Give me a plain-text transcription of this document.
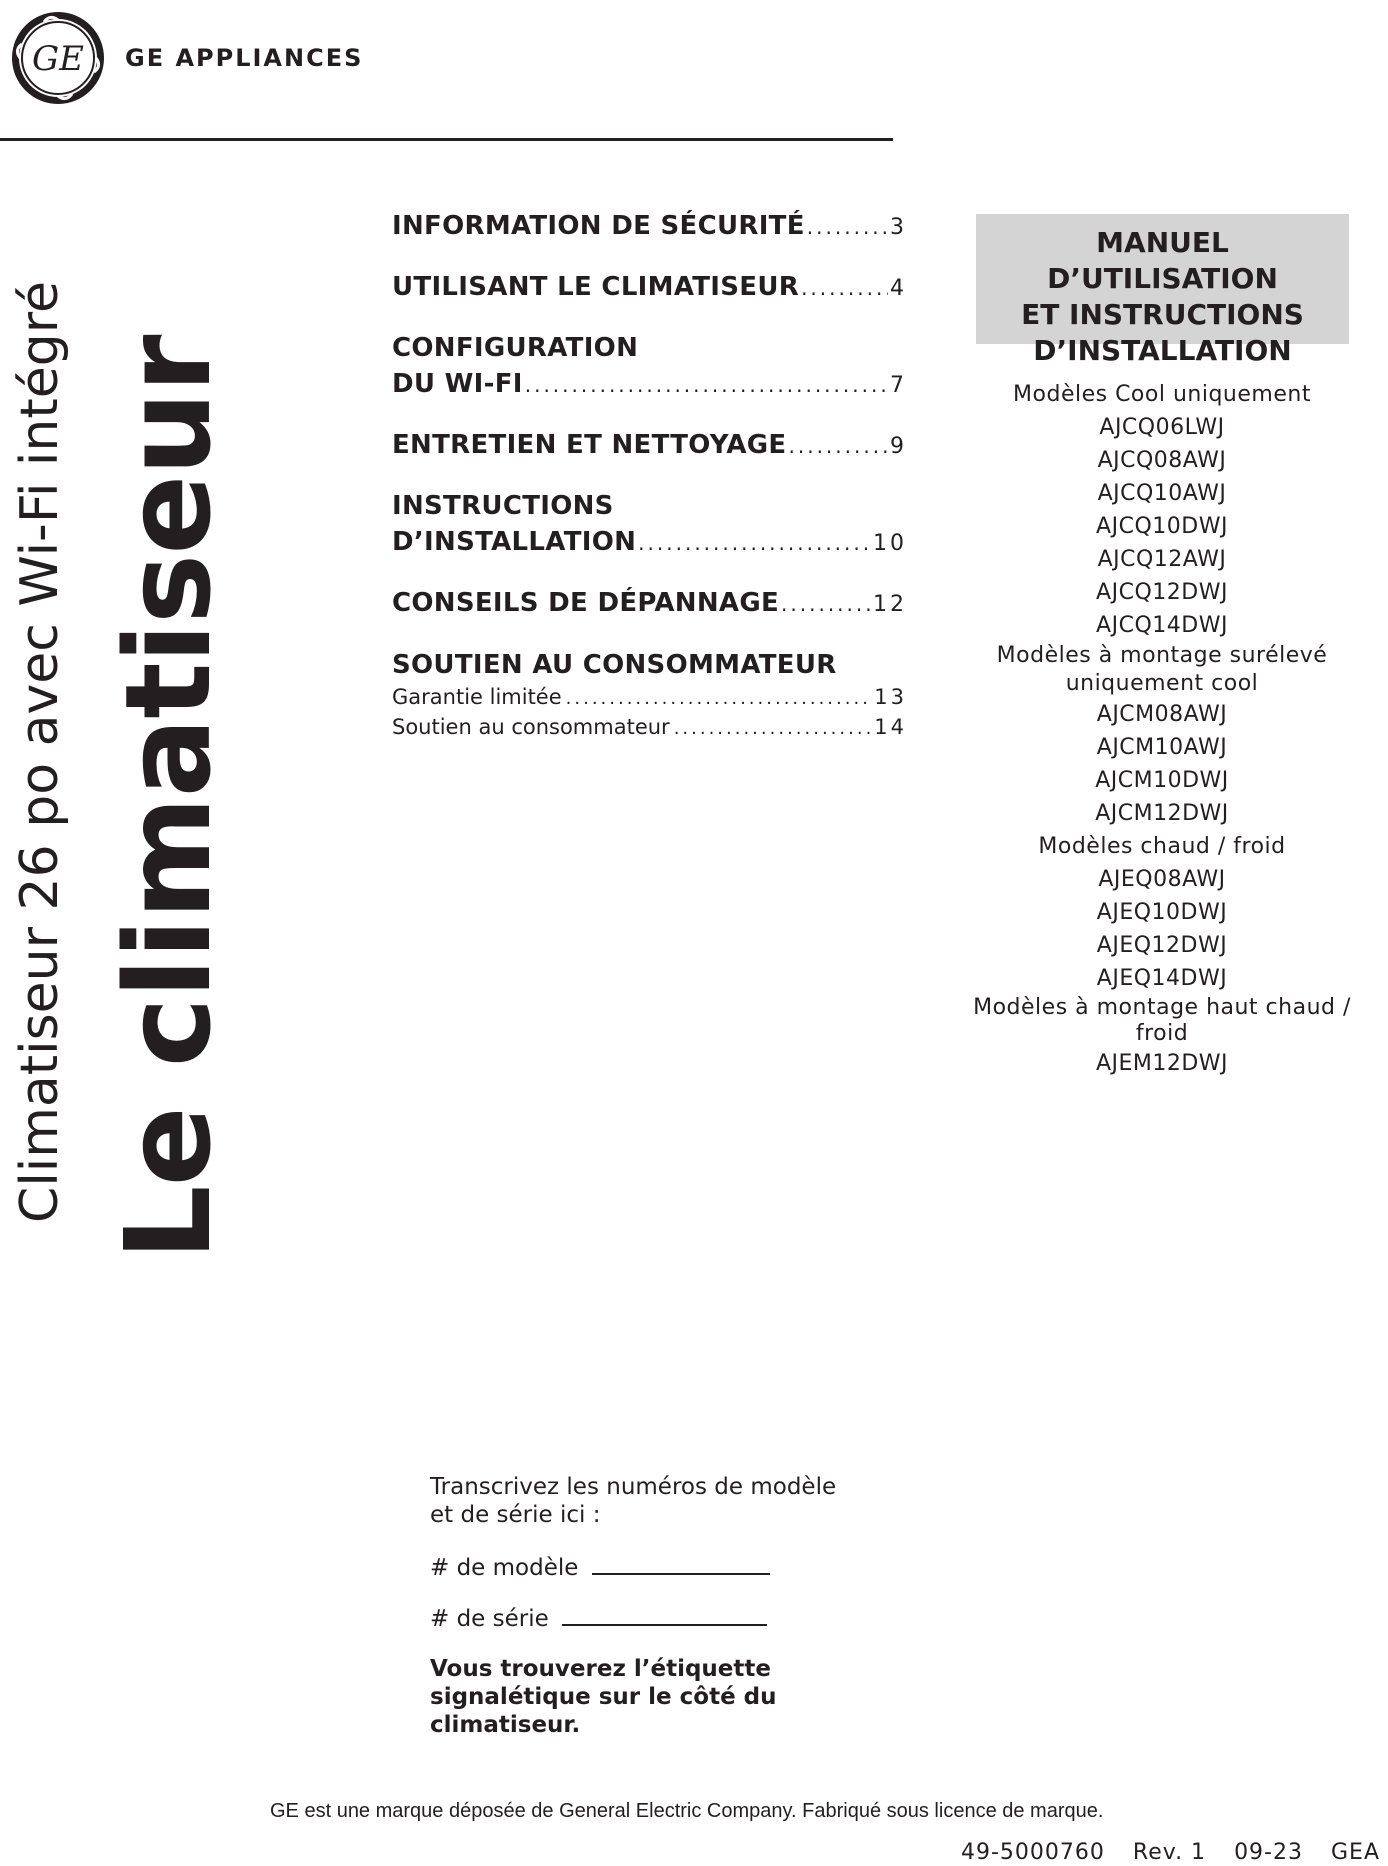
GE GE APPLIANCES
Climatiseur 26 po avec Wi-Fi intégré Le climatiseur
INFORMATION DE SÉCURITÉ .....	3
UTILISANT LE CLIMATISEUR .....	4
CONFIGURATION
DU WI-FI .....	7
ENTRETIEN ET NETTOYAGE .....	9
INSTRUCTIONS
D’INSTALLATION .....	10
CONSEILS DE DÉPANNAGE .....	12
SOUTIEN AU CONSOMMATEUR
Garantie limitée .....	13
Soutien au consommateur .....	14
MANUEL D’UTILISATION
ET INSTRUCTIONS
D’INSTALLATION
Modèles Cool uniquement
AJCQ06LWJ
AJCQ08AWJ
AJCQ10AWJ
AJCQ10DWJ
AJCQ12AWJ
AJCQ12DWJ
AJCQ14DWJ
Modèles à montage surélevé
uniquement cool
AJCM08AWJ
AJCM10AWJ
AJCM10DWJ
AJCM12DWJ
Modèles chaud / froid
AJEQ08AWJ
AJEQ10DWJ
AJEQ12DWJ
AJEQ14DWJ
Modèles à montage haut chaud /
froid
AJEM12DWJ

Transcrivez les numéros de modèle

et de série ici :

# de modèle

# de série

Vous trouverez l’étiquette

signalétique sur le côté du

climatiseur.

GE est une marque déposée de General Electric Company. Fabriqué sous licence de marque.
49-5000760 Rev. 1 09-23 GEA
